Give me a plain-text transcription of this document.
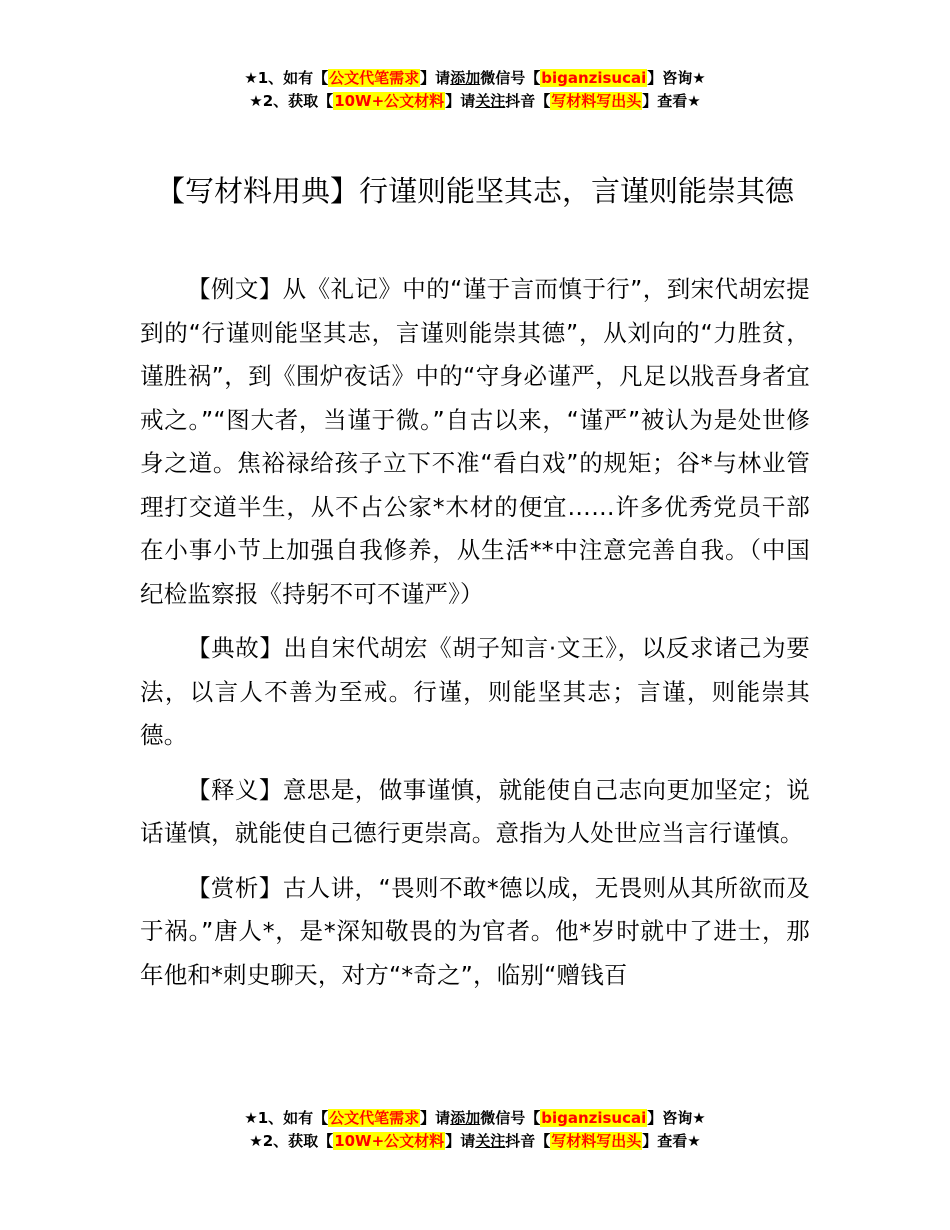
★1、如有【公文代笔需求】请添加微信号【biganzisucai】咨询★
★2、获取【10W+公文材料】请关注抖音【写材料写出头】查看★
【写材料用典】行谨则能坚其志，言谨则能崇其德

【例文】从《礼记》中的“谨于言而慎于行”，到宋代胡宏提到的“行谨则能坚其志，言谨则能崇其德”，从刘向的“力胜贫，谨胜祸”，到《围炉夜话》中的“守身必谨严，凡足以戕吾身者宜戒之。”“图大者，当谨于微。”自古以来，“谨严”被认为是处世修身之道。焦裕禄给孩子立下不准“看白戏”的规矩；谷*与林业管理打交道半生，从不占公家*木材的便宜……许多优秀党员干部在小事小节上加强自我修养，从生活**中注意完善自我。（中国纪检监察报《持躬不可不谨严》）

【典故】出自宋代胡宏《胡子知言·文王》，以反求诸己为要法，以言人不善为至戒。行谨，则能坚其志；言谨，则能崇其德。

【释义】意思是，做事谨慎，就能使自己志向更加坚定；说话谨慎，就能使自己德行更崇高。意指为人处世应当言行谨慎。

【赏析】古人讲，“畏则不敢*德以成，无畏则从其所欲而及于祸。”唐人*，是*深知敬畏的为官者。他*岁时就中了进士，那年他和*刺史聊天，对方“*奇之”，临别“赠钱百

★1、如有【公文代笔需求】请添加微信号【biganzisucai】咨询★
★2、获取【10W+公文材料】请关注抖音【写材料写出头】查看★
